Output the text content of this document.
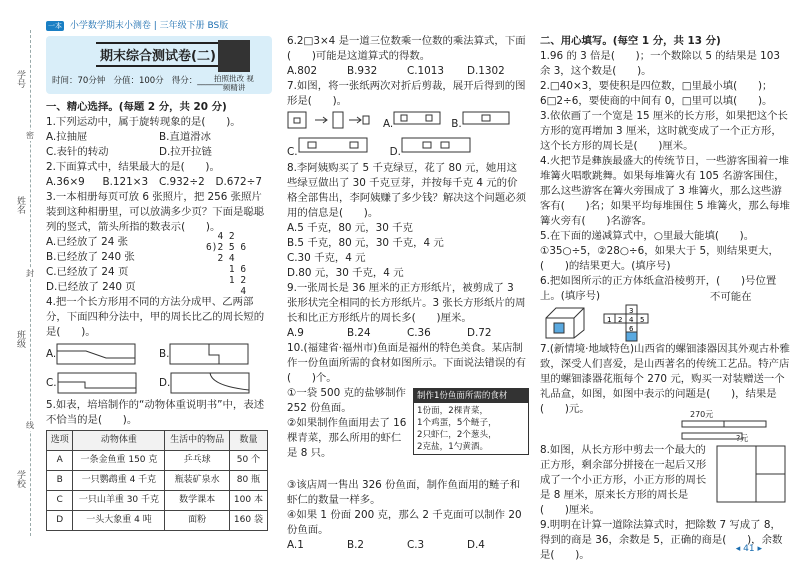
学号
姓名
班级
学校
密
封
线
一本 小学数学期末小测卷 | 三年级下册 BS版
期末综合测试卷(二)
时间：70分钟 分值：100分 得分：______
拍照批改 视频精讲

一、精心选择。(每题 2 分，共 20 分)

1.下列运动中，属于旋转现象的是(　　)。

A.拉抽屉	B.直道滑冰
C.表针的转动	D.拉开拉链

2.下面算式中，结果最大的是(　　)。

A.36×9	B.121×3	C.932÷2	D.672÷7

3.一本相册每页可放 6 张照片，把 256 张照片装到这种相册里，可以放满多少页？下面是聪聪列的竖式，箭头所指的数表示(　　)。

A.已经放了 24 张

B.已经放了 240 张

C.已经放了 24 页

D.已经放了 240 页

4 2
6)2 5 6
2 4
1 6
1 2
4

4.把一个长方形用不同的方法分成甲、乙两部分，下面四种分法中，甲的周长比乙的周长短的是(　　)。

A.	B.
C.	D.

5.如表，培培制作的“动物体重说明书”中，表述不恰当的是(　　)。

选项	动物体重	生活中的物品	数量
A	一条金鱼重 150 克	乒乓球	50 个
B	一只鹦鹉重 4 千克	瓶装矿泉水	80 瓶
C	一只山羊重 30 千克	数学课本	100 本
D	一头大象重 4 吨	面粉	160 袋

6.2□3×4 是一道三位数乘一位数的乘法算式，下面(　　)可能是这道算式的得数。

A.802	B.932	C.1013	D.1302

7.如图，将一张纸两次对折后剪裁，展开后得到的图形是(　　)。

A.	B.
C.	D.

8.李阿姨购买了 5 千克绿豆，花了 80 元，她用这些绿豆做出了 30 千克豆芽，并按每千克 4 元的价格全部售出，李阿姨赚了多少钱？解决这个问题必须用的信息是(　　)。

A.5 千克，80 元，30 千克

B.5 千克，80 元，30 千克，4 元

C.30 千克，4 元

D.80 元，30 千克，4 元

9.一张周长是 36 厘米的正方形纸片，被剪成了 3 张形状完全相同的长方形纸片。3 张长方形纸片的周长和比正方形纸片的周长多(　　)厘米。

A.9	B.24	C.36	D.72

10.(福建省·福州市)鱼面是福州的特色美食。某店制作一份鱼面所需的食材如图所示。下面说法错误的有(　　)个。

①一袋 500 克的盐够制作 252 份鱼面。

②如果制作鱼面用去了 16 棵青菜，那么所用的虾仁是 8 只。

制作1份鱼面所需的食材
1份面，2棵青菜，
1个鸡蛋，5个鲢子，
2只虾仁，2个葱头，
2克盐，1勺黄酒。

③该店周一售出 326 份鱼面，制作鱼面用的鲢子和虾仁的数量一样多。

④如果 1 份面 200 克，那么 2 千克面可以制作 20 份鱼面。

A.1	B.2	C.3	D.4

二、用心填写。(每空 1 分，共 13 分)

1.96 的 3 倍是(　　)；一个数除以 5 的结果是 103 余 3，这个数是(　　)。

2.□40×3，要使积是四位数，□里最小填(　　)；6□2÷6，要使商的中间有 0，□里可以填(　　)。

3.依依画了一个宽是 15 厘米的长方形，如果把这个长方形的宽再增加 3 厘米，这时就变成了一个正方形，这个长方形的周长是(　　)厘米。

4.火把节是彝族最盛大的传统节日，一些游客围着一堆堆篝火唱歌跳舞。如果每堆篝火有 105 名游客围住，那么这些游客在篝火旁围成了 3 堆篝火，那么这些游客有(　　)名；如果平均每堆围住 5 堆篝火，那么每堆篝火旁有(　　)名游客。

5.在下面的递减算式中，○里最大能填(　　)。 ①35○÷5，②28○÷6，如果大于 5，则结果更大，(　　)的结果更大。(填序号)

6.把如图所示的正方体纸盒沿棱剪开，(　　)号位置上。(填序号)

1 2
3
4 5
6
不可能在

7.(新情境·地域特色)山西省的螺钿漆器因其外观古朴雅致，深受人们喜爱，是山西著名的传统工艺品。特产店里的螺钿漆器花瓶每个 270 元，购买一对装赠送一个礼品盒，如图，如图中表示的问题是(　　)，结果是(　　)元。	270元
?元

8.如图，从长方形中剪去一个最大的正方形，剩余部分拼接在一起后又形成了一个小正方形，小正方形的周长是 8 厘米，原来长方形的周长是(　　)厘米。

9.明明在计算一道除法算式时，把除数 7 写成了 8，得到的商是 36，余数是 5，正确的商是(　　)，余数是(　　)。	◂ 41 ▸
